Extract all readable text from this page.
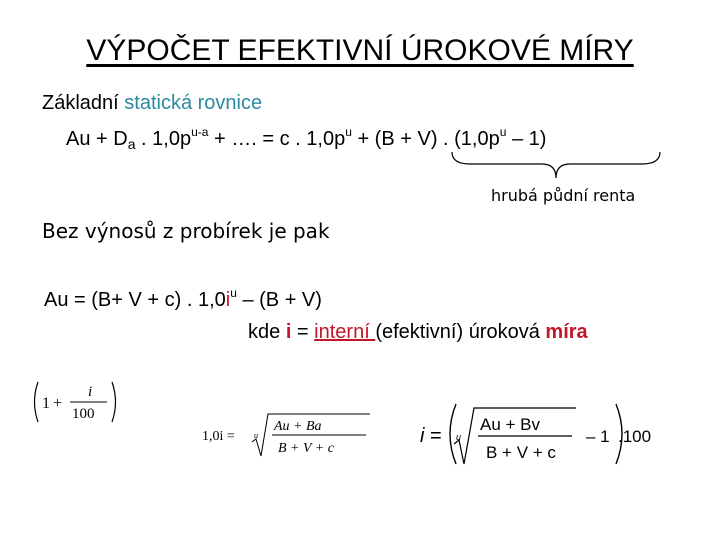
VÝPOČET EFEKTIVNÍ ÚROKOVÉ MÍRY
Základní statická rovnice
$Au + D_a$ . $1,0p^{u-a}$ + …. = c . $1,0p^u + (B + V)$ . $(1,0p^u - 1)$
hrubá půdní renta
Bez výnosů z probírek je pak
Au = (B+ V + c) . $1,0i^u - (B + V)$
kde i = interní (efektivní) úroková míra
1 +
i
100
1,0i = u
Au + Ba
B + V + c
i = u
Au + Bv
B + V + c
– 1 .100
